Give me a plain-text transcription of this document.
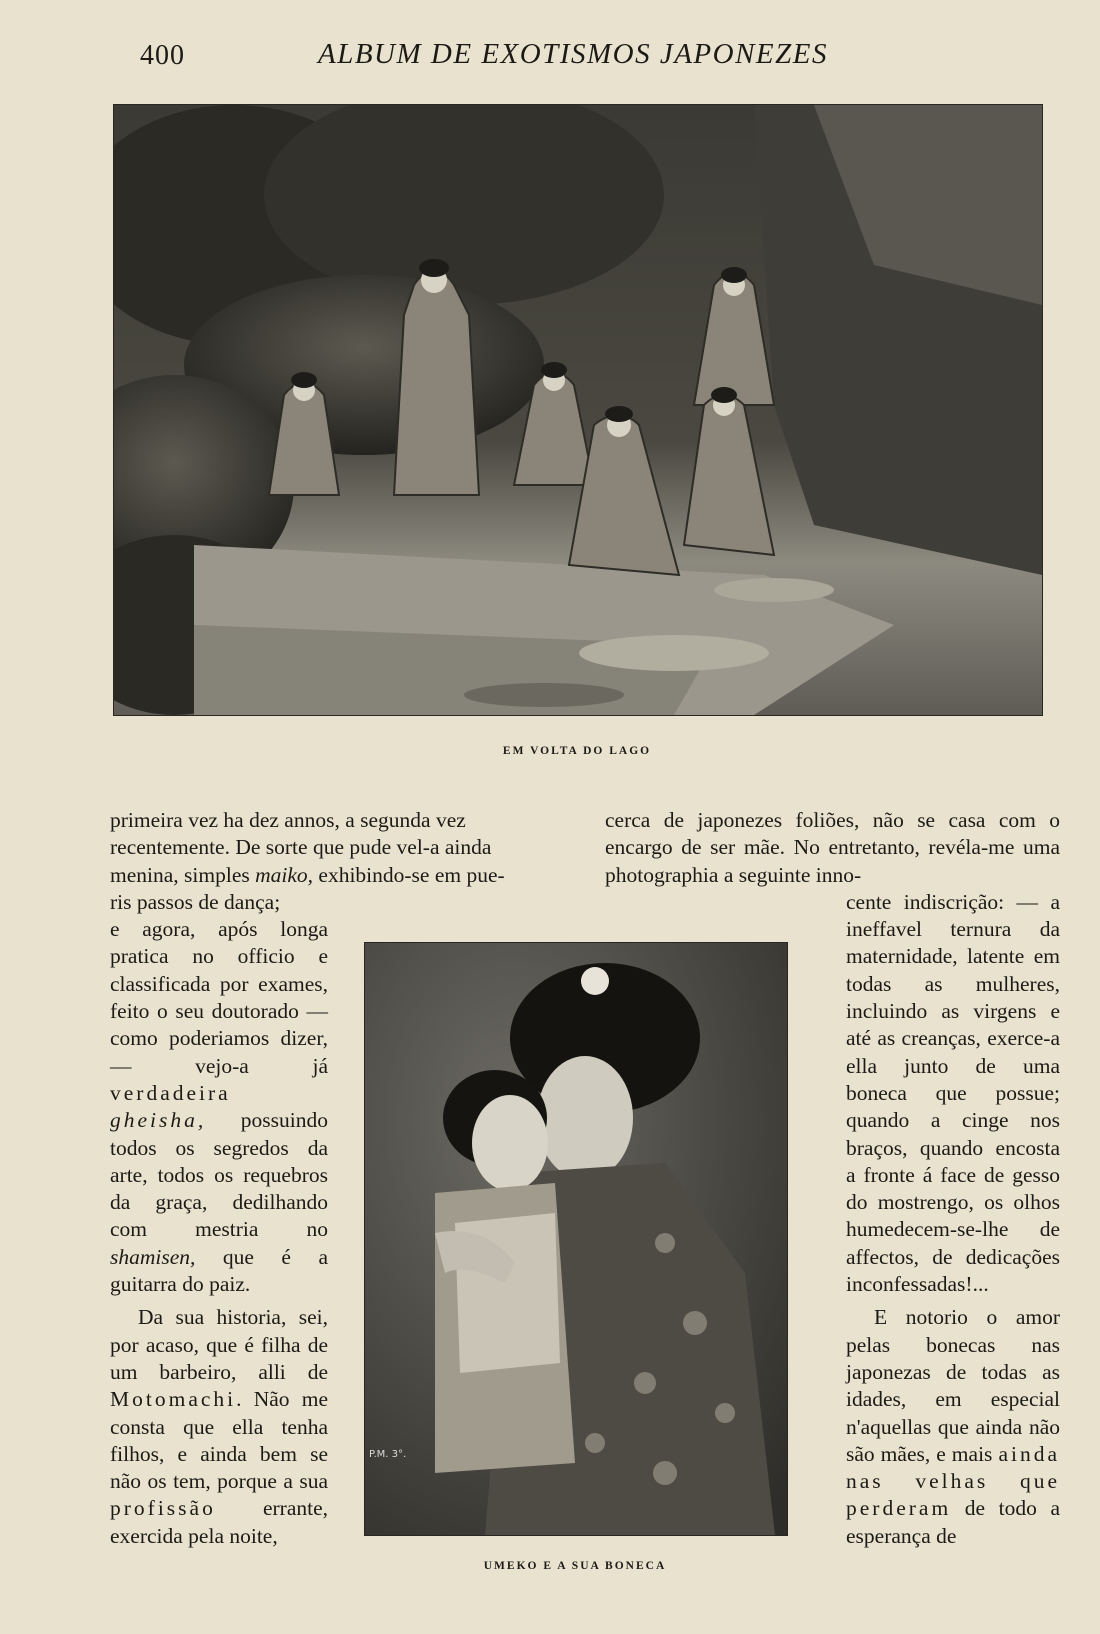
400	ALBUM DE EXOTISMOS JAPONEZES
EM VOLTA DO LAGO
P.M. 3°.
UMEKO E A SUA BONECA

primeira vez ha dez annos, a segunda vez

recentemente. De sorte que pude vel-a ainda

menina, simples maiko, exhibindo-se em pue-

ris passos de dança;

e agora, após longa pratica no officio e classificada por exames, feito o seu doutorado — como poderiamos dizer, — vejo-a já verdadeira
gheisha, possuindo todos os segredos da arte, todos os requebros da graça, dedilhando com mestria no shamisen, que é a guitarra do paiz.

Da sua historia, sei, por acaso, que é filha de um barbeiro, alli de Motomachi. Não me consta que ella tenha filhos, e ainda bem se não os tem, porque a sua profissão errante, exercida pela noite,

cerca de japonezes foliões, não se casa com o encargo de ser mãe. No entretanto, revéla-me uma photographia a seguinte inno-

cente indiscrição: — a ineffavel ternura da maternidade, latente em todas as mulheres, incluindo as virgens e até as creanças, exerce-a ella junto de uma boneca que possue; quando a cinge nos braços, quando encosta a fronte á face de gesso do mostrengo, os olhos humedecem-se-lhe de affectos, de dedicações inconfessadas!...

E notorio o amor pelas bonecas nas japonezas de todas as idades, em especial n'aquellas que ainda não são mães, e mais ainda nas velhas que perderam de todo a esperança de
